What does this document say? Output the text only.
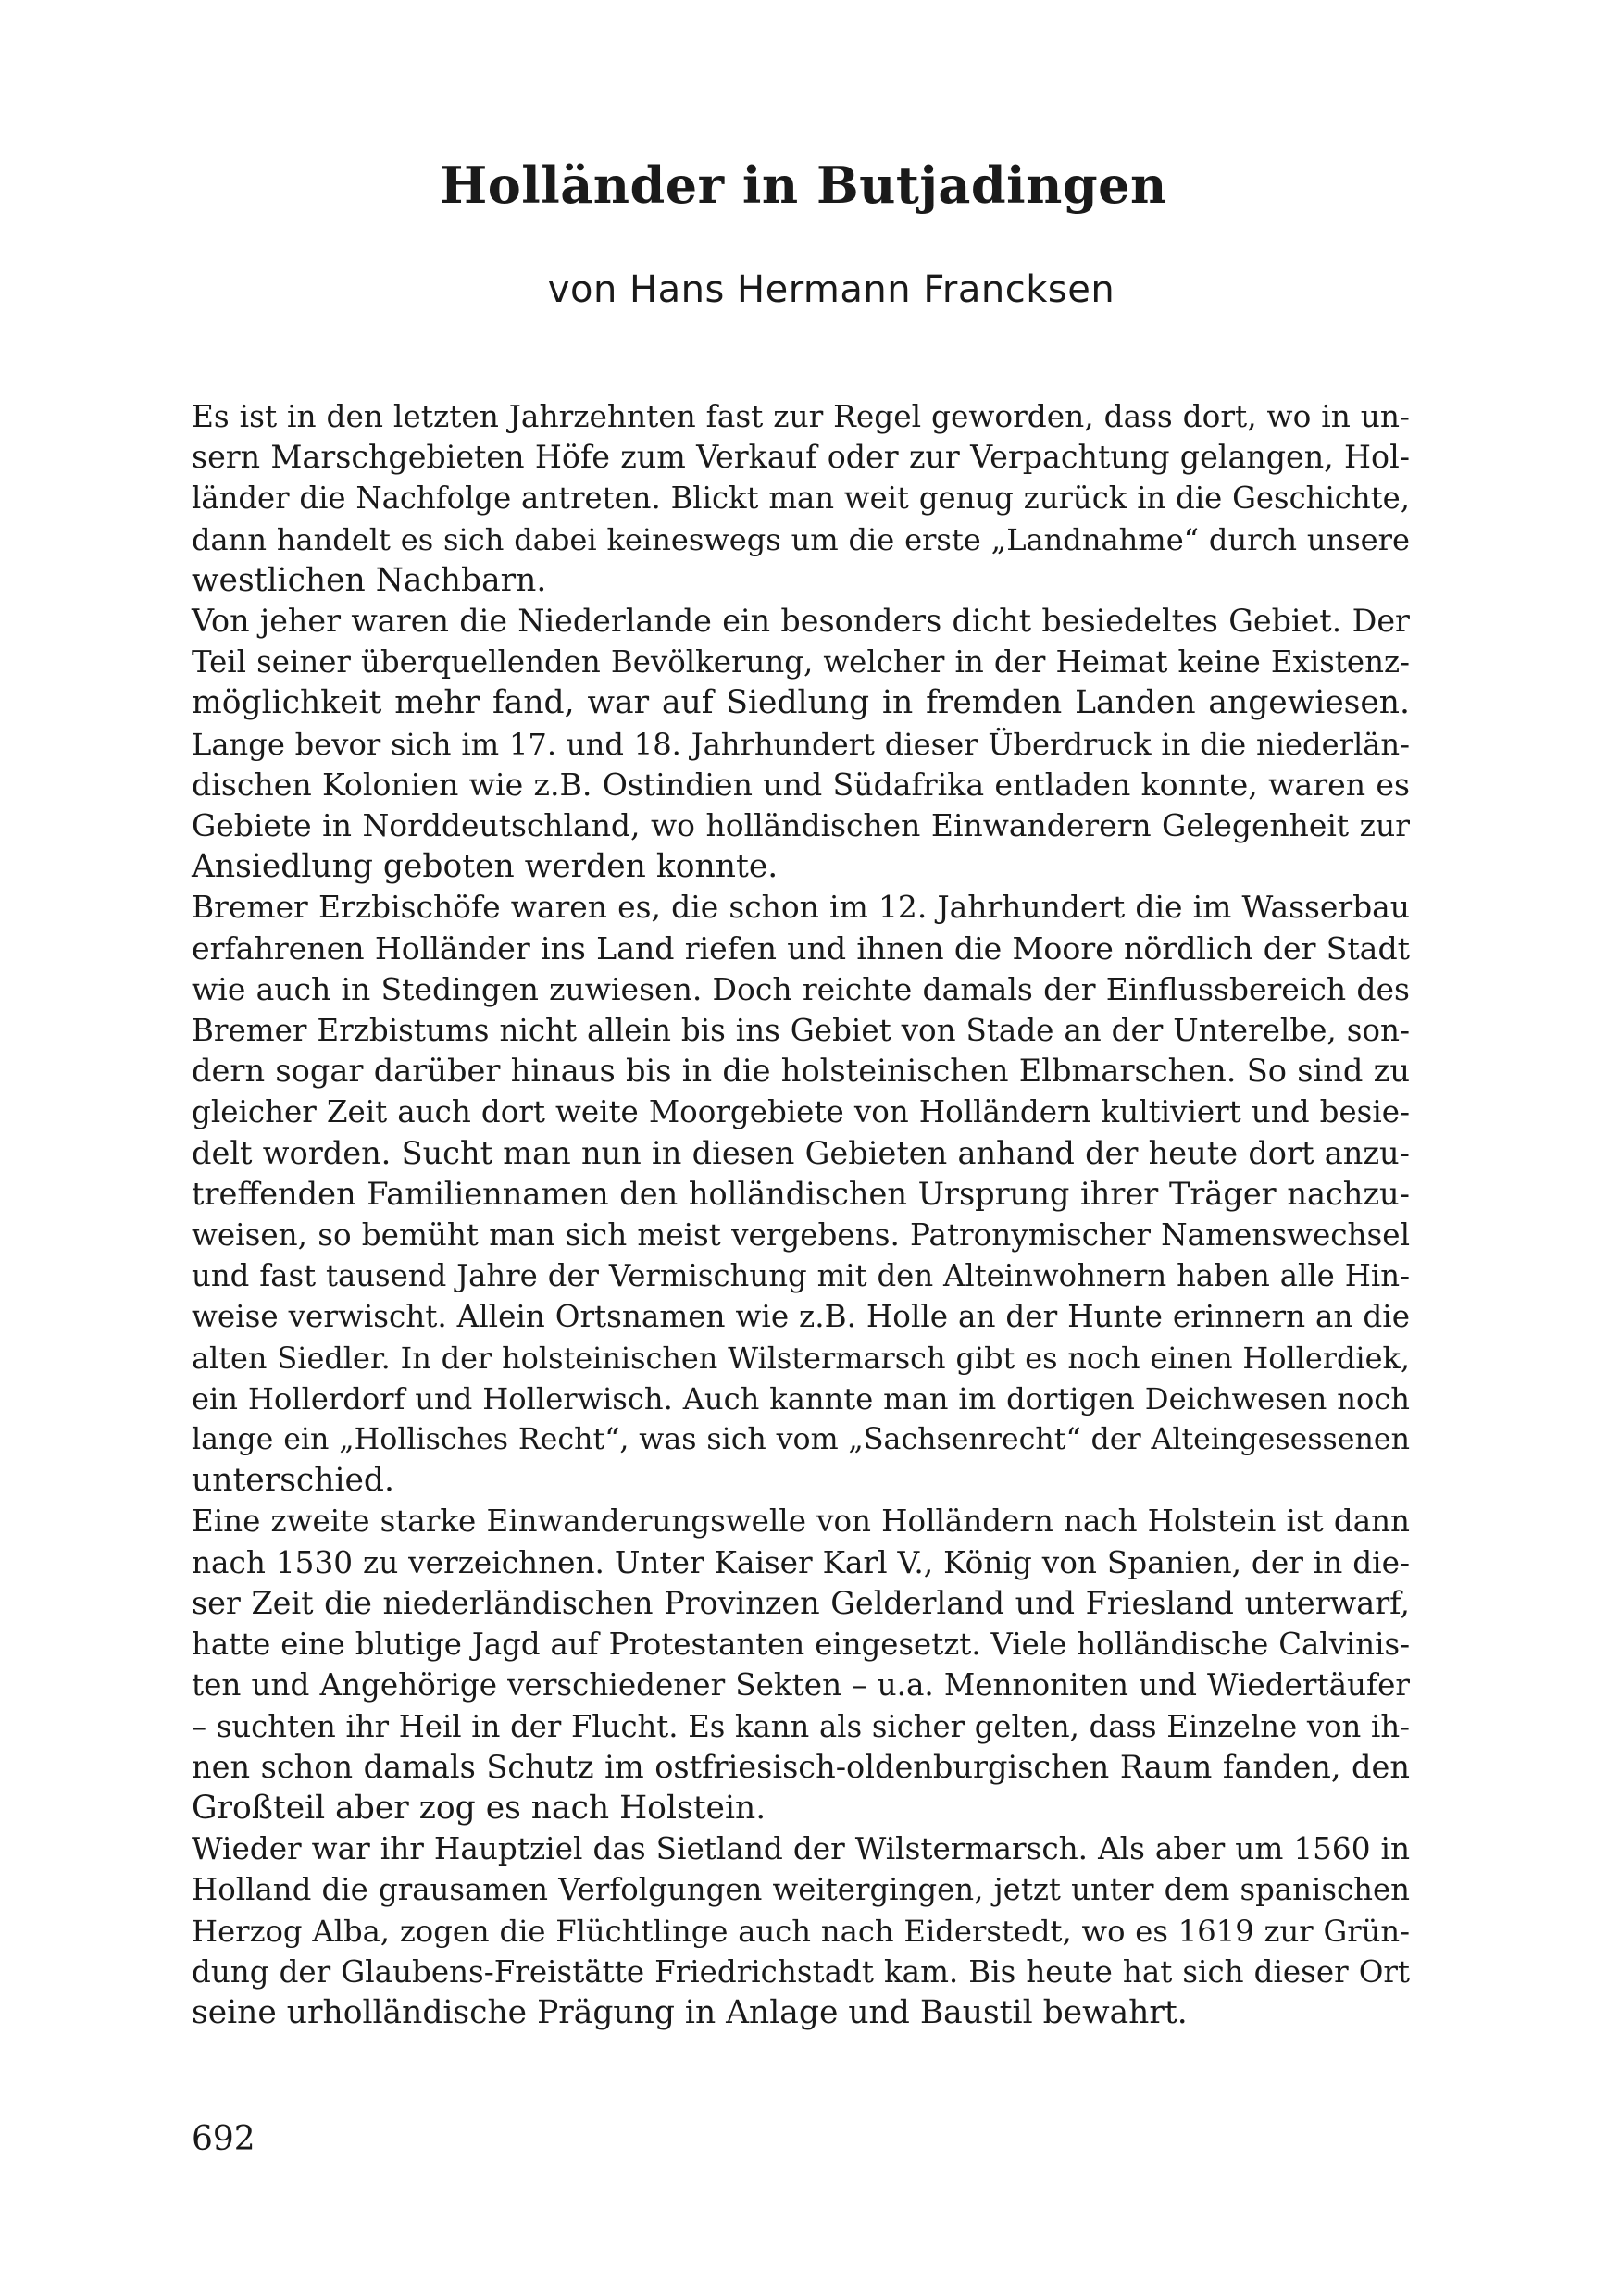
Holländer in Butjadingen
von Hans Hermann Francksen

Es ist in den letzten Jahrzehnten fast zur Regel geworden, dass dort, wo in un-
sern Marschgebieten Höfe zum Verkauf oder zur Verpachtung gelangen, Hol-
länder die Nachfolge antreten. Blickt man weit genug zurück in die Geschichte,
dann handelt es sich dabei keineswegs um die erste „Landnahme“ durch unsere
westlichen Nachbarn.

Von jeher waren die Niederlande ein besonders dicht besiedeltes Gebiet. Der
Teil seiner überquellenden Bevölkerung, welcher in der Heimat keine Existenz-
möglichkeit mehr fand, war auf Siedlung in fremden Landen angewiesen.
Lange bevor sich im 17. und 18. Jahrhundert dieser Überdruck in die niederlän-
dischen Kolonien wie z.B. Ostindien und Südafrika entladen konnte, waren es
Gebiete in Norddeutschland, wo holländischen Einwanderern Gelegenheit zur
Ansiedlung geboten werden konnte.

Bremer Erzbischöfe waren es, die schon im 12. Jahrhundert die im Wasserbau
erfahrenen Holländer ins Land riefen und ihnen die Moore nördlich der Stadt
wie auch in Stedingen zuwiesen. Doch reichte damals der Einflussbereich des
Bremer Erzbistums nicht allein bis ins Gebiet von Stade an der Unterelbe, son-
dern sogar darüber hinaus bis in die holsteinischen Elbmarschen. So sind zu
gleicher Zeit auch dort weite Moorgebiete von Holländern kultiviert und besie-
delt worden. Sucht man nun in diesen Gebieten anhand der heute dort anzu-
treffenden Familiennamen den holländischen Ursprung ihrer Träger nachzu-
weisen, so bemüht man sich meist vergebens. Patronymischer Namenswechsel
und fast tausend Jahre der Vermischung mit den Alteinwohnern haben alle Hin-
weise verwischt. Allein Ortsnamen wie z.B. Holle an der Hunte erinnern an die
alten Siedler. In der holsteinischen Wilstermarsch gibt es noch einen Hollerdiek,
ein Hollerdorf und Hollerwisch. Auch kannte man im dortigen Deichwesen noch
lange ein „Hollisches Recht“, was sich vom „Sachsenrecht“ der Alteingesessenen
unterschied.

Eine zweite starke Einwanderungswelle von Holländern nach Holstein ist dann
nach 1530 zu verzeichnen. Unter Kaiser Karl V., König von Spanien, der in die-
ser Zeit die niederländischen Provinzen Gelderland und Friesland unterwarf,
hatte eine blutige Jagd auf Protestanten eingesetzt. Viele holländische Calvinis-
ten und Angehörige verschiedener Sekten – u.a. Mennoniten und Wiedertäufer
– suchten ihr Heil in der Flucht. Es kann als sicher gelten, dass Einzelne von ih-
nen schon damals Schutz im ostfriesisch-oldenburgischen Raum fanden, den
Großteil aber zog es nach Holstein.

Wieder war ihr Hauptziel das Sietland der Wilstermarsch. Als aber um 1560 in
Holland die grausamen Verfolgungen weitergingen, jetzt unter dem spanischen
Herzog Alba, zogen die Flüchtlinge auch nach Eiderstedt, wo es 1619 zur Grün-
dung der Glaubens-Freistätte Friedrichstadt kam. Bis heute hat sich dieser Ort
seine urholländische Prägung in Anlage und Baustil bewahrt.

692
